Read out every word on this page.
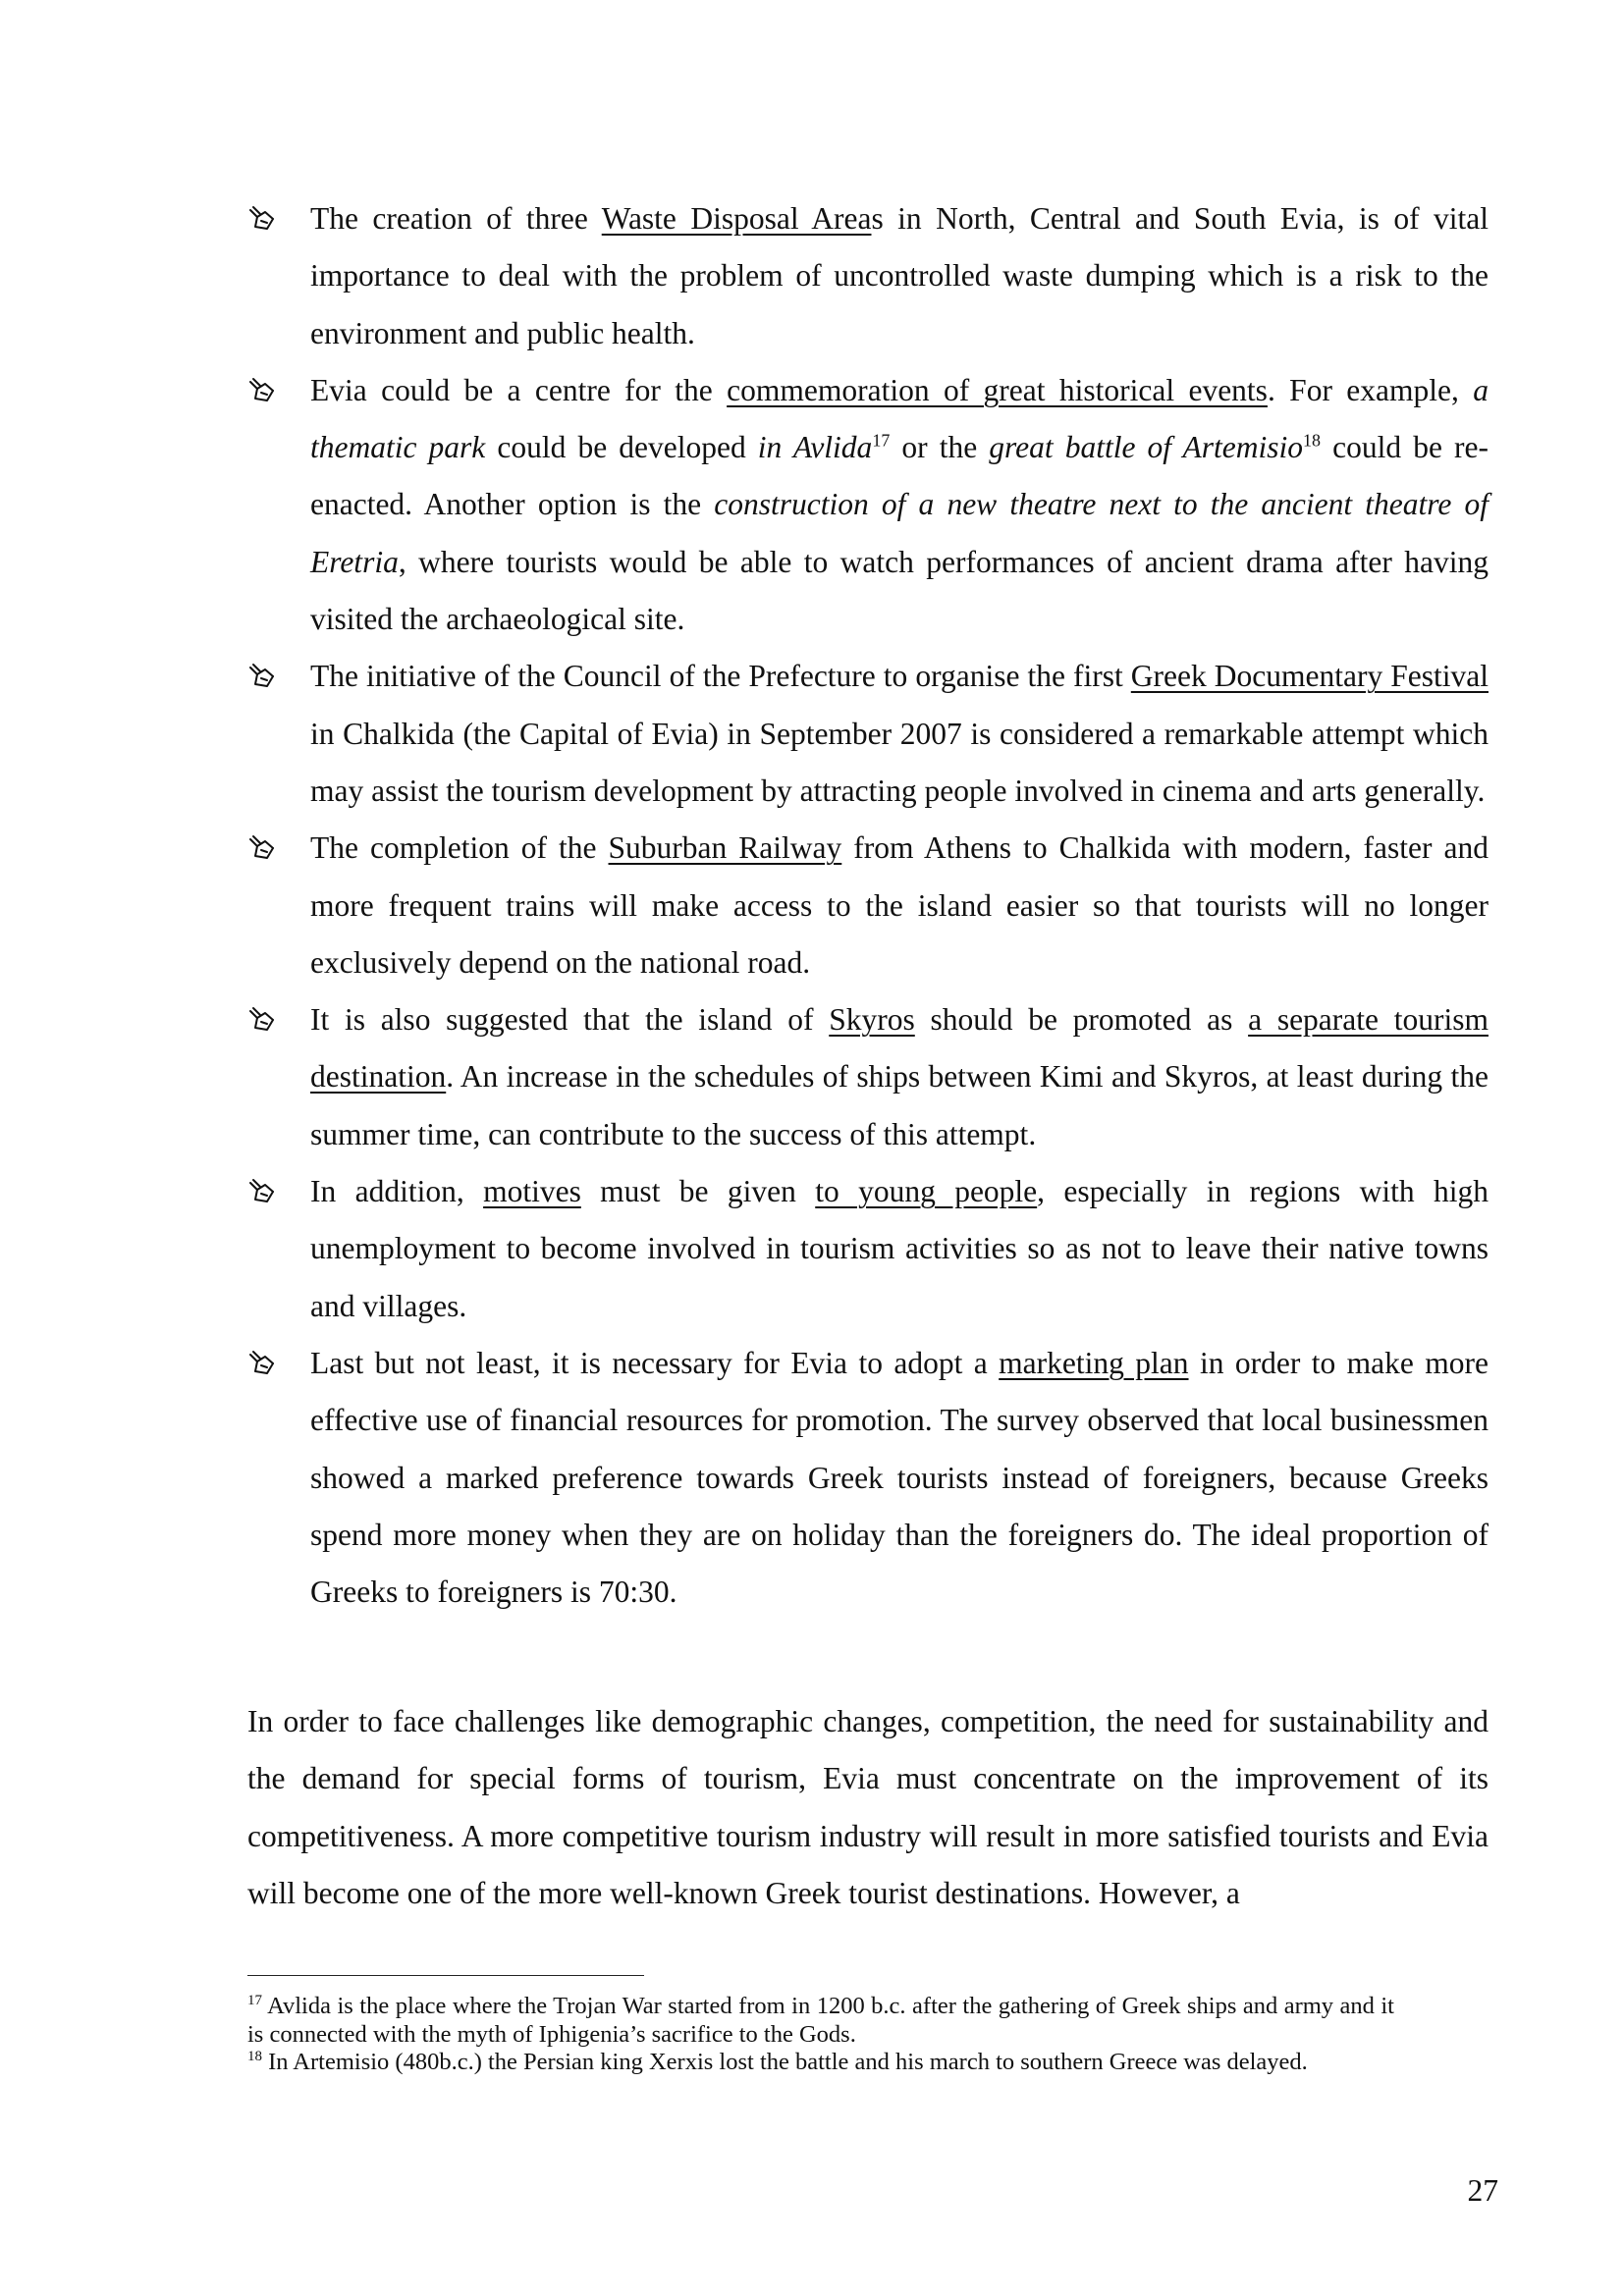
The creation of three Waste Disposal Areas in North, Central and South Evia, is of vital importance to deal with the problem of uncontrolled waste dumping which is a risk to the environment and public health.
Evia could be a centre for the commemoration of great historical events. For example, a thematic park could be developed in Avlida$^{17}$ or the great battle of Artemisio$^{18}$ could be re-enacted. Another option is the construction of a new theatre next to the ancient theatre of Eretria, where tourists would be able to watch performances of ancient drama after having visited the archaeological site.
The initiative of the Council of the Prefecture to organise the first Greek Documentary Festival in Chalkida (the Capital of Evia) in September 2007 is considered a remarkable attempt which may assist the tourism development by attracting people involved in cinema and arts generally.
The completion of the Suburban Railway from Athens to Chalkida with modern, faster and more frequent trains will make access to the island easier so that tourists will no longer exclusively depend on the national road.
It is also suggested that the island of Skyros should be promoted as a separate tourism destination. An increase in the schedules of ships between Kimi and Skyros, at least during the summer time, can contribute to the success of this attempt.
In addition, motives must be given to young people, especially in regions with high unemployment to become involved in tourism activities so as not to leave their native towns and villages.
Last but not least, it is necessary for Evia to adopt a marketing plan in order to make more effective use of financial resources for promotion. The survey observed that local businessmen showed a marked preference towards Greek tourists instead of foreigners, because Greeks spend more money when they are on holiday than the foreigners do. The ideal proportion of Greeks to foreigners is 70:30.

In order to face challenges like demographic changes, competition, the need for sustainability and the demand for special forms of tourism, Evia must concentrate on the improvement of its competitiveness. A more competitive tourism industry will result in more satisfied tourists and Evia will become one of the more well-known Greek tourist destinations. However, a

$^{17}$ Avlida is the place where the Trojan War started from in 1200 b.c. after the gathering of Greek ships and army and it is connected with the myth of Iphigenia’s sacrifice to the Gods.

$^{18}$ In Artemisio (480b.c.) the Persian king Xerxis lost the battle and his march to southern Greece was delayed.

27
